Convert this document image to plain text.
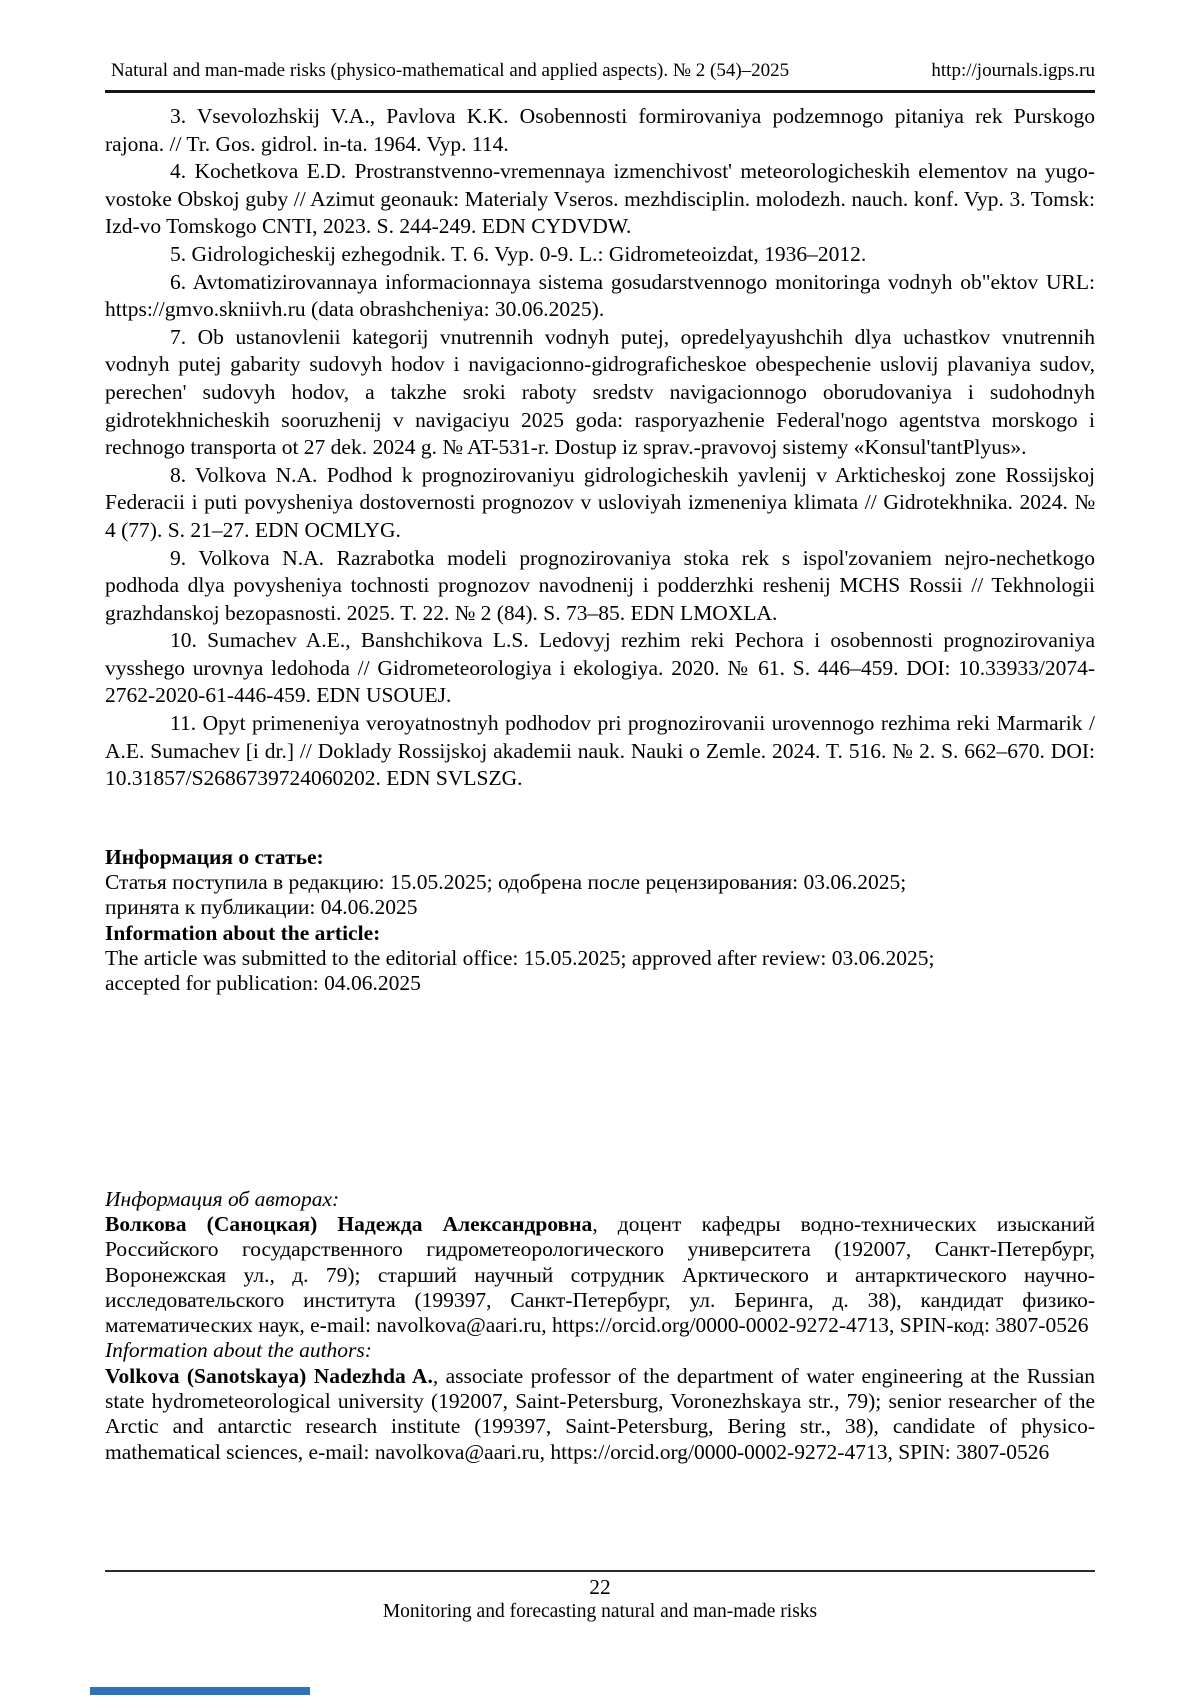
Natural and man-made risks (physico-mathematical and applied aspects). № 2 (54)–2025	http://journals.igps.ru

3. Vsevolozhskij V.A., Pavlova K.K. Osobennosti formirovaniya podzemnogo pitaniya rek Purskogo rajona. // Tr. Gos. gidrol. in-ta. 1964. Vyp. 114.

4. Kochetkova E.D. Prostranstvenno-vremennaya izmenchivost' meteorologicheskih elementov na yugo-vostoke Obskoj guby // Azimut geonauk: Materialy Vseros. mezhdisciplin. molodezh. nauch. konf. Vyp. 3. Tomsk: Izd-vo Tomskogo CNTI, 2023. S. 244-249. EDN CYDVDW.

5. Gidrologicheskij ezhegodnik. T. 6. Vyp. 0-9. L.: Gidrometeoizdat, 1936–2012.

6. Avtomatizirovannaya informacionnaya sistema gosudarstvennogo monitoringa vodnyh ob"ektov URL: https://gmvo.skniivh.ru (data obrashcheniya: 30.06.2025).

7. Ob ustanovlenii kategorij vnutrennih vodnyh putej, opredelyayushchih dlya uchastkov vnutrennih vodnyh putej gabarity sudovyh hodov i navigacionno-gidrograficheskoe obespechenie uslovij plavaniya sudov, perechen' sudovyh hodov, a takzhe sroki raboty sredstv navigacionnogo oborudovaniya i sudohodnyh gidrotekhnicheskih sooruzhenij v navigaciyu 2025 goda: rasporyazhenie Federal'nogo agentstva morskogo i rechnogo transporta ot 27 dek. 2024 g. № AT-531-r. Dostup iz sprav.-pravovoj sistemy «Konsul'tantPlyus».

8. Volkova N.A. Podhod k prognozirovaniyu gidrologicheskih yavlenij v Arkticheskoj zone Rossijskoj Federacii i puti povysheniya dostovernosti prognozov v usloviyah izmeneniya klimata // Gidrotekhnika. 2024. № 4 (77). S. 21–27. EDN OCMLYG.

9. Volkova N.A. Razrabotka modeli prognozirovaniya stoka rek s ispol'zovaniem nejro-nechetkogo podhoda dlya povysheniya tochnosti prognozov navodnenij i podderzhki reshenij MCHS Rossii // Tekhnologii grazhdanskoj bezopasnosti. 2025. T. 22. № 2 (84). S. 73–85. EDN LMOXLA.

10. Sumachev A.E., Banshchikova L.S. Ledovyj rezhim reki Pechora i osobennosti prognozirovaniya vysshego urovnya ledohoda // Gidrometeorologiya i ekologiya. 2020. № 61. S. 446–459. DOI: 10.33933/2074-2762-2020-61-446-459. EDN USOUEJ.

11. Opyt primeneniya veroyatnostnyh podhodov pri prognozirovanii urovennogo rezhima reki Marmarik / A.E. Sumachev [i dr.] // Doklady Rossijskoj akademii nauk. Nauki o Zemle. 2024. T. 516. № 2. S. 662–670. DOI: 10.31857/S2686739724060202. EDN SVLSZG.

Информация о статье:

Статья поступила в редакцию: 15.05.2025; одобрена после рецензирования: 03.06.2025;

принята к публикации: 04.06.2025

Information about the article:

The article was submitted to the editorial office: 15.05.2025; approved after review: 03.06.2025;

accepted for publication: 04.06.2025

Информация об авторах:

Волкова (Саноцкая) Надежда Александровна, доцент кафедры водно-технических изысканий Российского государственного гидрометеорологического университета (192007, Санкт-Петербург, Воронежская ул., д. 79); старший научный сотрудник Арктического и антарктического научно-исследовательского института (199397, Санкт-Петербург, ул. Беринга, д. 38), кандидат физико-математических наук, e-mail: navolkova@aari.ru, https://orcid.org/0000-0002-9272-4713, SPIN-код: 3807-0526

Information about the authors:

Volkova (Sanotskaya) Nadezhda A., associate professor of the department of water engineering at the Russian state hydrometeorological university (192007, Saint-Petersburg, Voronezhskaya str., 79); senior researcher of the Arctic and antarctic research institute (199397, Saint-Petersburg, Bering str., 38), candidate of physico-mathematical sciences, e-mail: navolkova@aari.ru, https://orcid.org/0000-0002-9272-4713, SPIN: 3807-0526

22
Monitoring and forecasting natural and man-made risks
